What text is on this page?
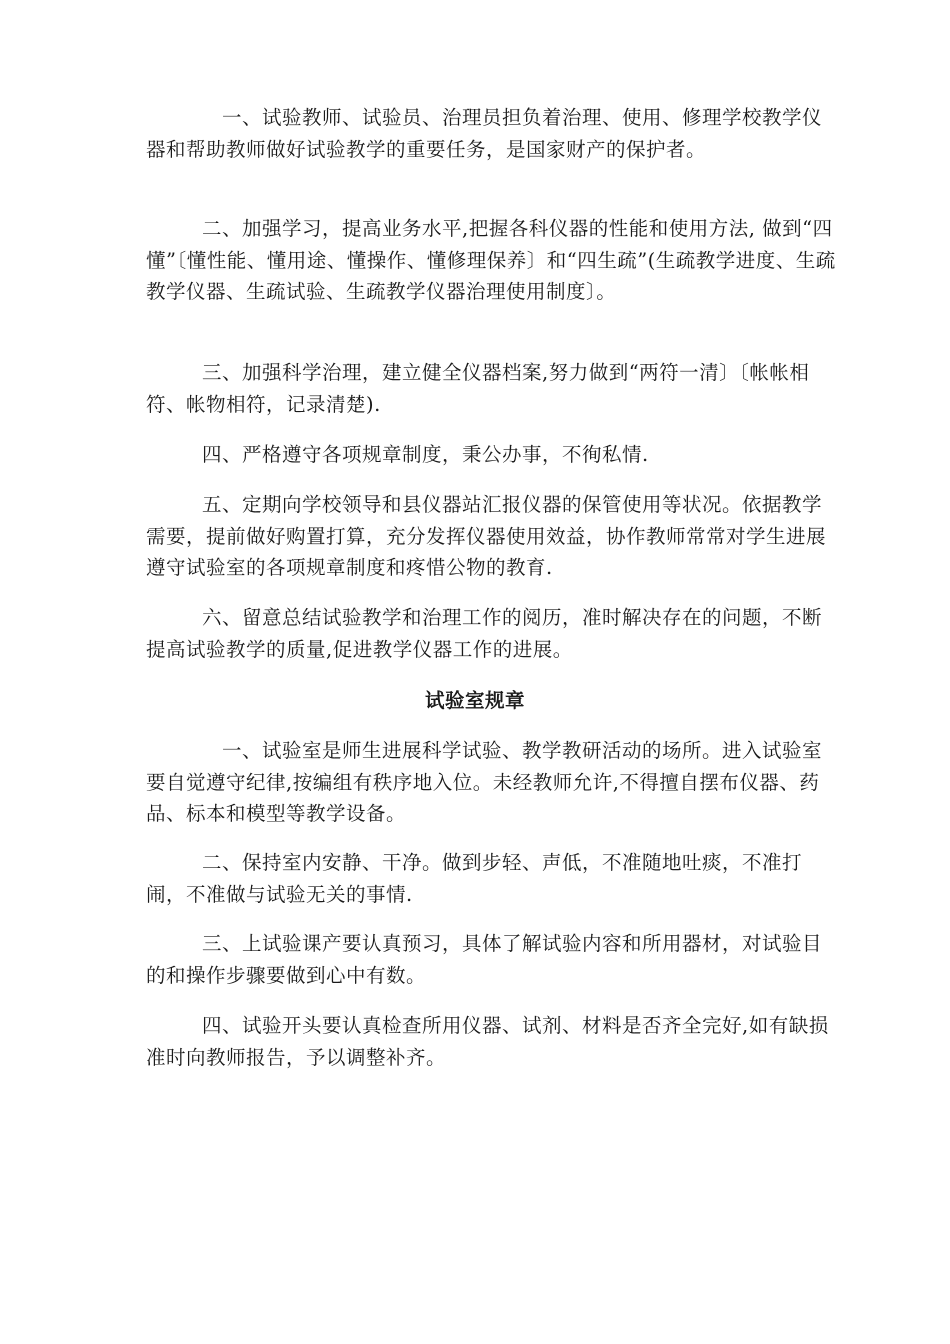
一、试验教师、试验员、治理员担负着治理、使用、修理学校教学仪器和帮助教师做好试验教学的重要任务，是国家财产的保护者。

二、加强学习，提高业务水平,把握各科仪器的性能和使用方法, 做到“四懂”〔懂性能、懂用途、懂操作、懂修理保养〕和“四生疏”(生疏教学进度、生疏教学仪器、生疏试验、生疏教学仪器治理使用制度〕。

三、加强科学治理，建立健全仪器档案,努力做到“两符一清〕〔帐帐相符、帐物相符，记录清楚).

四、严格遵守各项规章制度，秉公办事，不徇私情.

五、定期向学校领导和县仪器站汇报仪器的保管使用等状况。依据教学需要，提前做好购置打算，充分发挥仪器使用效益，协作教师常常对学生进展遵守试验室的各项规章制度和疼惜公物的教育.

六、留意总结试验教学和治理工作的阅历，准时解决存在的问题，不断提高试验教学的质量,促进教学仪器工作的进展。

试验室规章

一、试验室是师生进展科学试验、教学教研活动的场所。进入试验室要自觉遵守纪律,按编组有秩序地入位。未经教师允许,不得擅自摆布仪器、药品、标本和模型等教学设备。

二、保持室内安静、干净。做到步轻、声低，不准随地吐痰，不准打闹，不准做与试验无关的事情.

三、上试验课产要认真预习，具体了解试验内容和所用器材，对试验目的和操作步骤要做到心中有数。

四、试验开头要认真检查所用仪器、试剂、材料是否齐全完好,如有缺损准时向教师报告，予以调整补齐。
